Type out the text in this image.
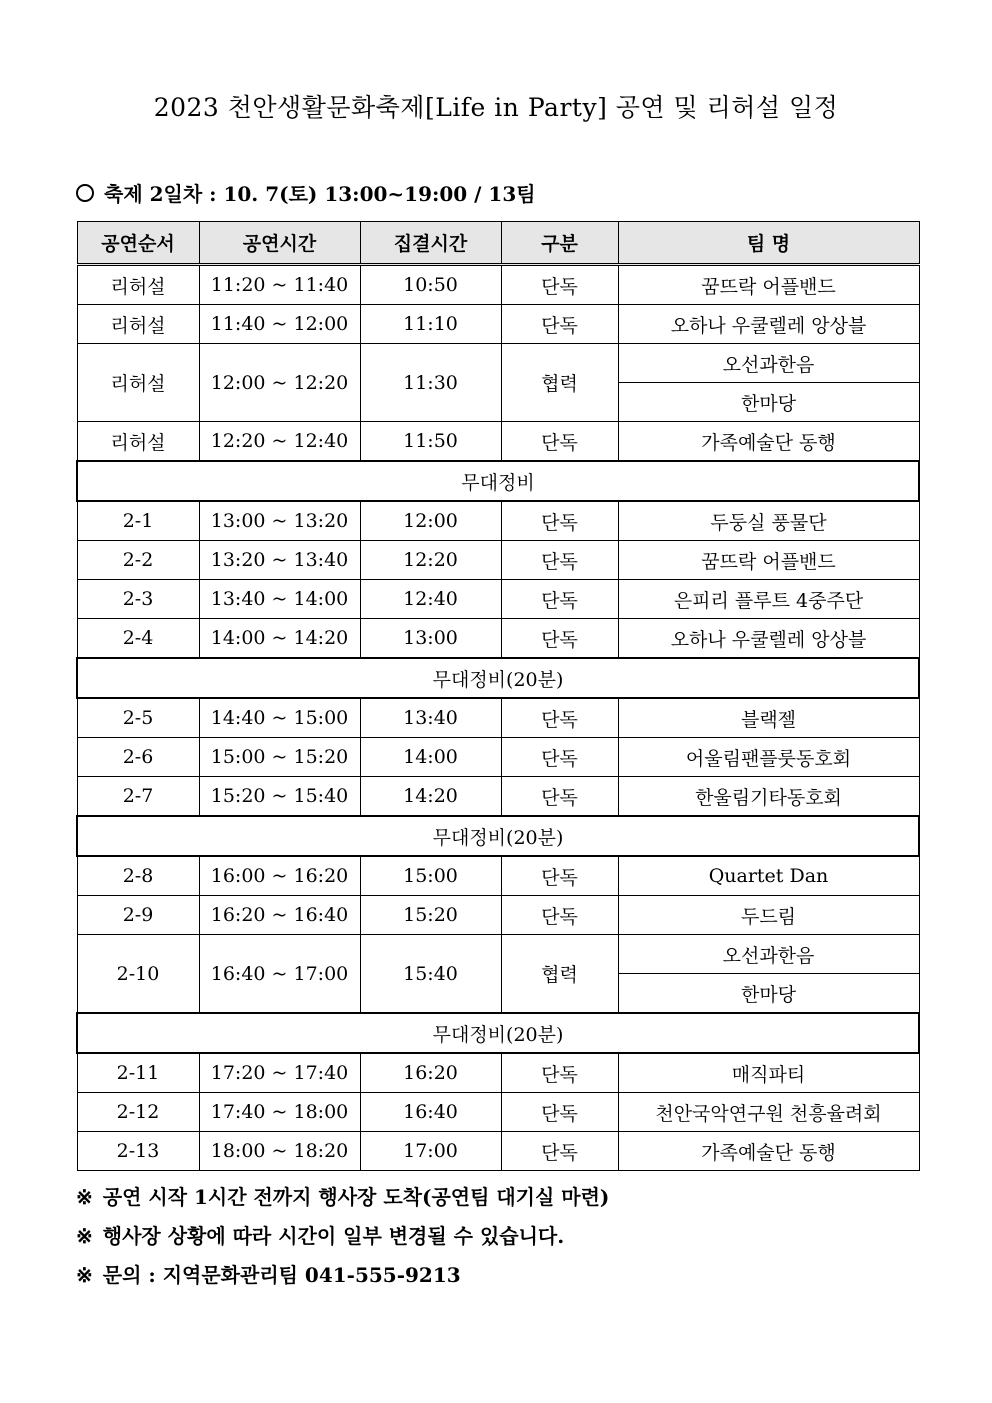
2023 천안생활문화축제[Life in Party] 공연 및 리허설 일정
축제 2일차 : 10. 7(토) 13:00~19:00 / 13팀
공연순서	공연시간	집결시간	구분	팀 명
리허설	11:20 ~ 11:40	10:50	단독	꿈뜨락 어플밴드
리허설	11:40 ~ 12:00	11:10	단독	오하나 우쿨렐레 앙상블
리허설	12:00 ~ 12:20	11:30	협력	오선과한음
				한마당
리허설	12:20 ~ 12:40	11:50	단독	가족예술단 동행
무대정비				
2-1	13:00 ~ 13:20	12:00	단독	두둥실 풍물단
2-2	13:20 ~ 13:40	12:20	단독	꿈뜨락 어플밴드
2-3	13:40 ~ 14:00	12:40	단독	은피리 플루트 4중주단
2-4	14:00 ~ 14:20	13:00	단독	오하나 우쿨렐레 앙상블
무대정비(20분)				
2-5	14:40 ~ 15:00	13:40	단독	블랙젤
2-6	15:00 ~ 15:20	14:00	단독	어울림팬플룻동호회
2-7	15:20 ~ 15:40	14:20	단독	한울림기타동호회
무대정비(20분)				
2-8	16:00 ~ 16:20	15:00	단독	Quartet Dan
2-9	16:20 ~ 16:40	15:20	단독	두드림
2-10	16:40 ~ 17:00	15:40	협력	오선과한음
				한마당
무대정비(20분)				
2-11	17:20 ~ 17:40	16:20	단독	매직파티
2-12	17:40 ~ 18:00	16:40	단독	천안국악연구원 천흥율려회
2-13	18:00 ~ 18:20	17:00	단독	가족예술단 동행
※ 공연 시작 1시간 전까지 행사장 도착(공연팀 대기실 마련)
※ 행사장 상황에 따라 시간이 일부 변경될 수 있습니다.
※ 문의 : 지역문화관리팀 041-555-9213
